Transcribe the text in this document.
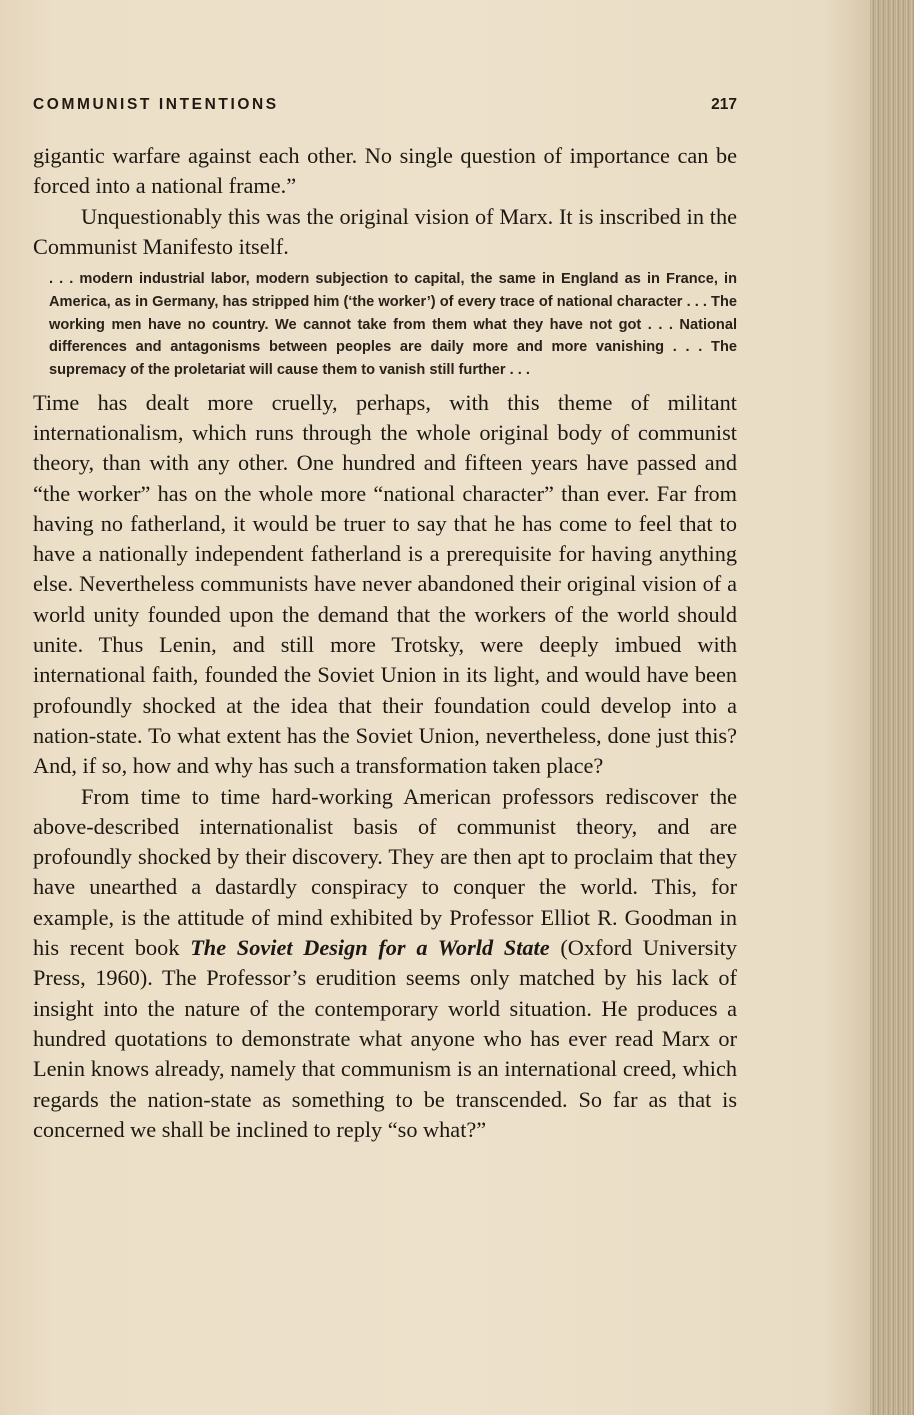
COMMUNIST INTENTIONS	217

gigantic warfare against each other. No single question of importance can be forced into a national frame.”

Unquestionably this was the original vision of Marx. It is inscribed in the Communist Manifesto itself.

. . . modern industrial labor, modern subjection to capital, the same in England as in France, in America, as in Germany, has stripped him (‘the worker’) of every trace of national character . . . The working men have no country. We cannot take from them what they have not got . . . National differences and antagonisms between peoples are daily more and more vanishing . . . The supremacy of the proletariat will cause them to vanish still further . . .

Time has dealt more cruelly, perhaps, with this theme of militant internationalism, which runs through the whole original body of communist theory, than with any other. One hundred and fifteen years have passed and “the worker” has on the whole more “national character” than ever. Far from having no fatherland, it would be truer to say that he has come to feel that to have a nationally independent fatherland is a prerequisite for having anything else. Nevertheless communists have never abandoned their original vision of a world unity founded upon the demand that the workers of the world should unite. Thus Lenin, and still more Trotsky, were deeply imbued with international faith, founded the Soviet Union in its light, and would have been profoundly shocked at the idea that their foundation could develop into a nation-state. To what extent has the Soviet Union, nevertheless, done just this? And, if so, how and why has such a transformation taken place?

From time to time hard-working American professors rediscover the above-described internationalist basis of communist theory, and are profoundly shocked by their discovery. They are then apt to proclaim that they have unearthed a dastardly conspiracy to conquer the world. This, for example, is the attitude of mind exhibited by Professor Elliot R. Goodman in his recent book The Soviet Design for a World State (Oxford University Press, 1960). The Professor’s erudition seems only matched by his lack of insight into the nature of the contemporary world situation. He produces a hundred quotations to demonstrate what anyone who has ever read Marx or Lenin knows already, namely that communism is an international creed, which regards the nation-state as something to be transcended. So far as that is concerned we shall be inclined to reply “so what?”
